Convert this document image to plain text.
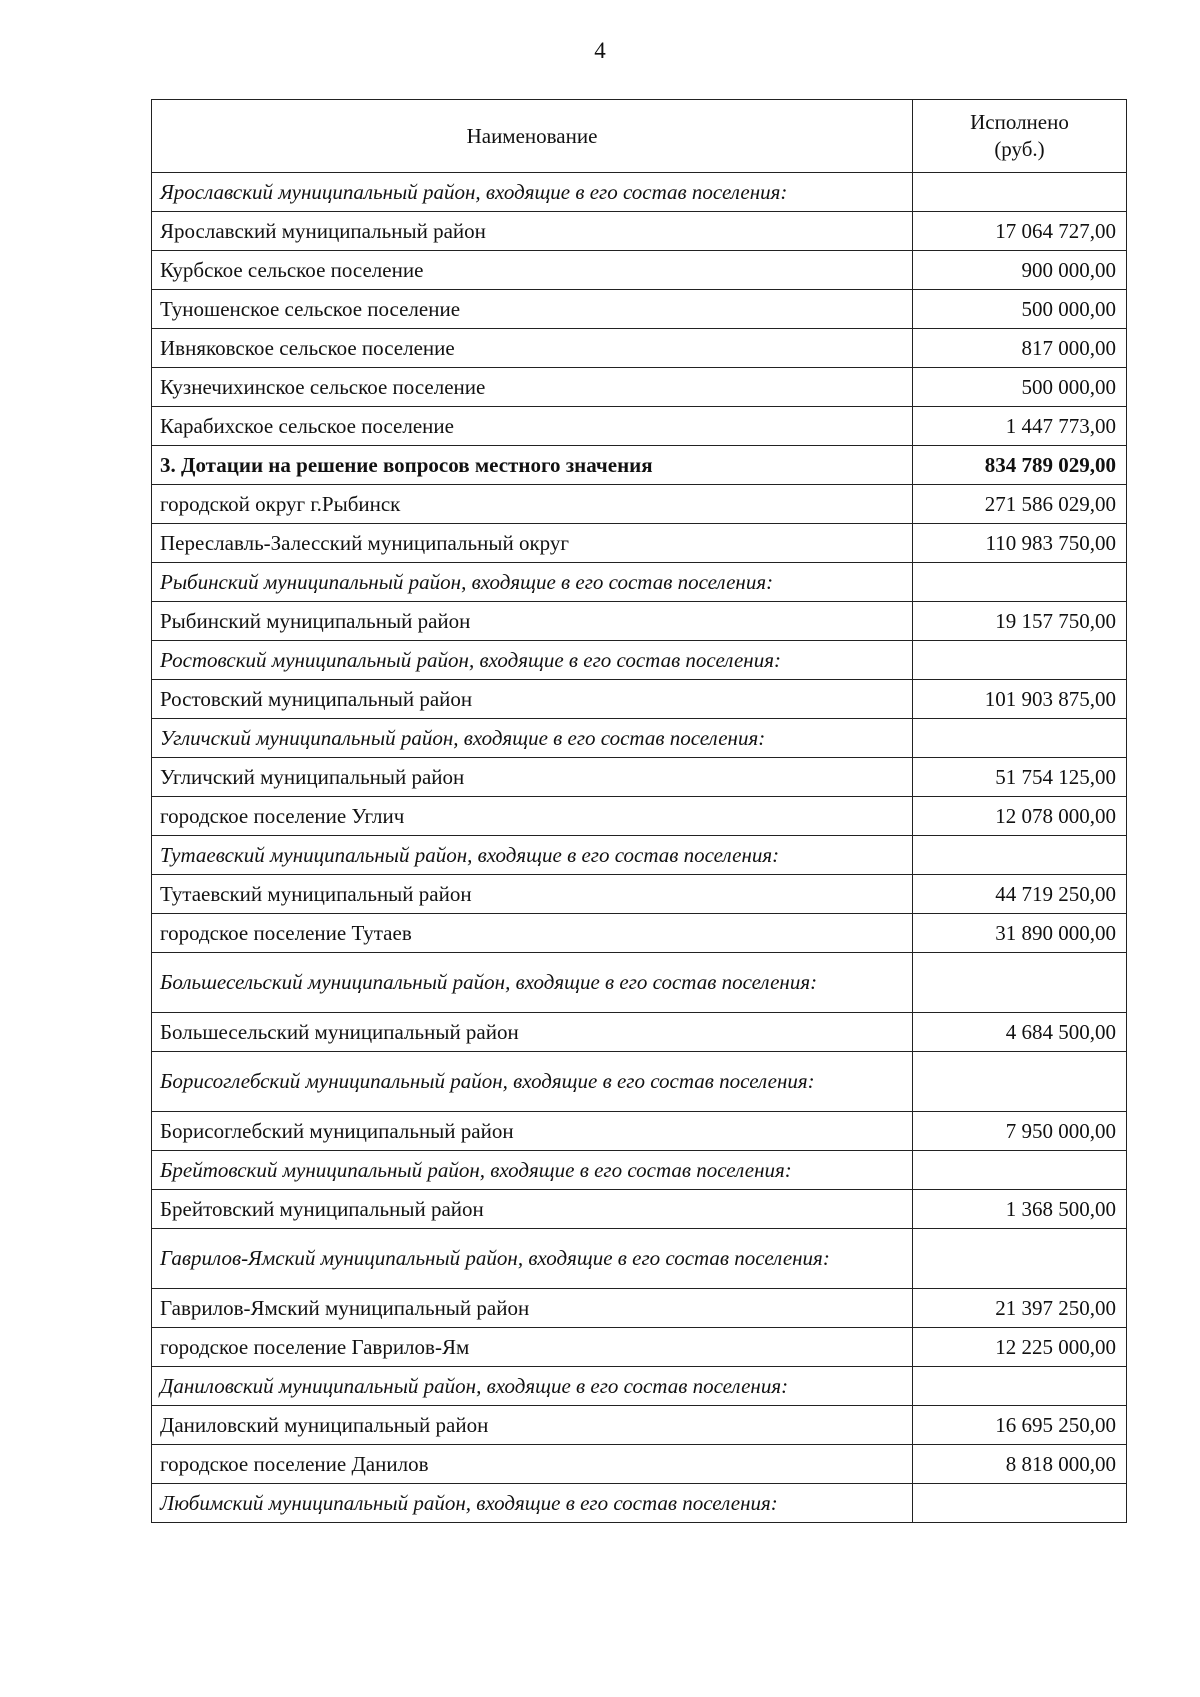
4
Наименование	Исполнено
(руб.)
Ярославский муниципальный район, входящие в его состав поселения:	
Ярославский муниципальный район	17 064 727,00
Курбское сельское поселение	900 000,00
Туношенское сельское поселение	500 000,00
Ивняковское сельское поселение	817 000,00
Кузнечихинское сельское поселение	500 000,00
Карабихское сельское поселение	1 447 773,00
3. Дотации на решение вопросов местного значения	834 789 029,00
городской округ г.Рыбинск	271 586 029,00
Переславль-Залесский муниципальный округ	110 983 750,00
Рыбинский муниципальный район, входящие в его состав поселения:	
Рыбинский муниципальный район	19 157 750,00
Ростовский муниципальный район, входящие в его состав поселения:	
Ростовский муниципальный район	101 903 875,00
Угличский муниципальный район, входящие в его состав поселения:	
Угличский муниципальный район	51 754 125,00
городское поселение Углич	12 078 000,00
Тутаевский муниципальный район, входящие в его состав поселения:	
Тутаевский муниципальный район	44 719 250,00
городское поселение Тутаев	31 890 000,00
Большесельский муниципальный район, входящие в его состав поселения:	
Большесельский муниципальный район	4 684 500,00
Борисоглебский муниципальный район, входящие в его состав поселения:	
Борисоглебский муниципальный район	7 950 000,00
Брейтовский муниципальный район, входящие в его состав поселения:	
Брейтовский муниципальный район	1 368 500,00
Гаврилов-Ямский муниципальный район, входящие в его состав поселения:	
Гаврилов-Ямский муниципальный район	21 397 250,00
городское поселение Гаврилов-Ям	12 225 000,00
Даниловский муниципальный район, входящие в его состав поселения:	
Даниловский муниципальный район	16 695 250,00
городское поселение Данилов	8 818 000,00
Любимский муниципальный район, входящие в его состав поселения:	
